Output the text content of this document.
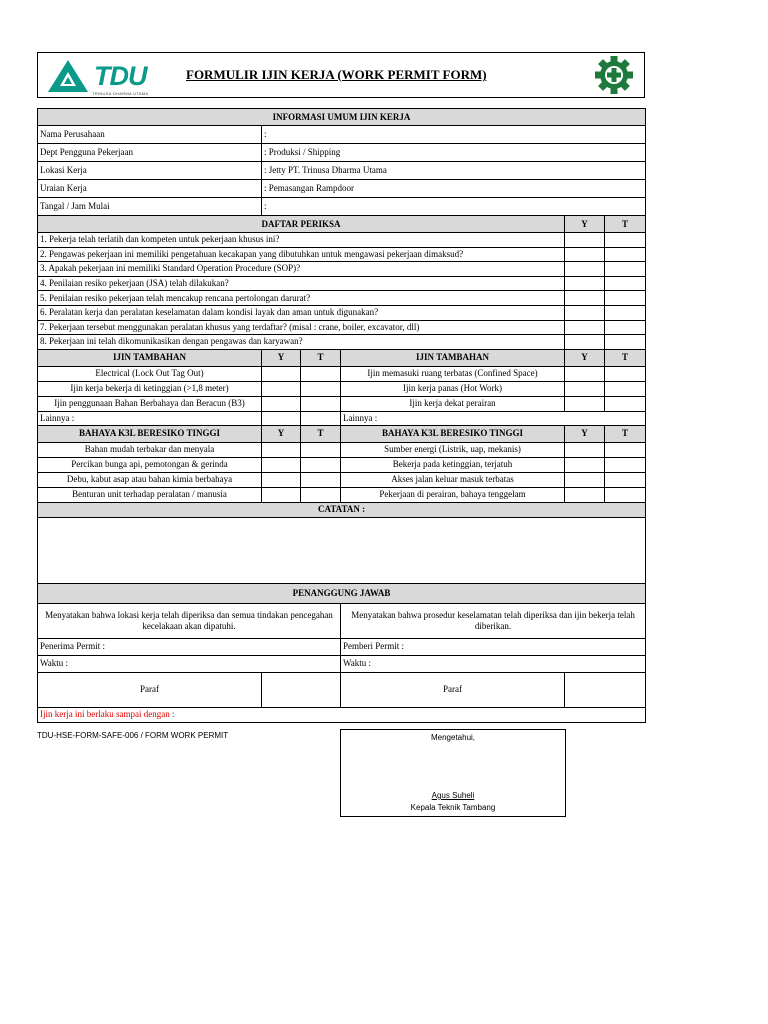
TDU
TRINUSA DHARMA UTAMA
FORMULIR IJIN KERJA (WORK PERMIT FORM)
INFORMASI UMUM IJIN KERJA					
Nama Perusahaan	:				
Dept Pengguna Pekerjaan	: Produksi / Shipping				
Lokasi Kerja	: Jetty PT. Trinusa Dharma Utama				
Uraian Kerja	: Pemasangan Rampdoor				
Tangal / Jam Mulai	:				
DAFTAR PERIKSA				Y	T
1. Pekerja telah terlatih dan kompeten untuk pekerjaan khusus ini?					
2. Pengawas pekerjaan ini memiliki pengetahuan kecakapan yang dibutuhkan untuk mengawasi pekerjaan dimaksud?					
3. Apakah pekerjaan ini memiliki Standard Operation Procedure (SOP)?					
4. Penilaian resiko pekerjaan (JSA) telah dilakukan?					
5. Penilaian resiko pekerjaan telah mencakup rencana pertolongan darurat?					
6. Peralatan kerja dan peralatan keselamatan dalam kondisi layak dan aman untuk digunakan?					
7. Pekerjaan tersebut menggunakan peralatan khusus yang terdaftar? (misal : crane, boiler, excavator, dll)					
8. Pekerjaan ini telah dikomunikasikan dengan pengawas dan karyawan?					
IJIN TAMBAHAN	Y	T	IJIN TAMBAHAN	Y	T
Electrical (Lock Out Tag Out)			Ijin memasuki ruang terbatas (Confined Space)		
Ijin kerja bekerja di ketinggian (>1,8 meter)			Ijin kerja panas (Hot Work)		
Ijin penggunaan Bahan Berbahaya dan Beracun (B3)			Ijin kerja dekat perairan		
Lainnya :			Lainnya :		
BAHAYA K3L BERESIKO TINGGI	Y	T	BAHAYA K3L BERESIKO TINGGI	Y	T
Bahan mudah terbakar dan menyala			Sumber energi (Listrik, uap, mekanis)		
Percikan bunga api, pemotongan & gerinda			Bekerja pada ketinggian, terjatuh		
Debu, kabut asap atau bahan kimia berbahaya			Akses jalan keluar masuk terbatas		
Benturan unit terhadap peralatan / manusia			Pekerjaan di perairan, bahaya tenggelam		
CATATAN :					

PENANGGUNG JAWAB					
Menyatakan bahwa lokasi kerja telah diperiksa dan semua tindakan pencegahan kecelakaan akan dipatuhi.			Menyatakan bahwa prosedur keselamatan telah diperiksa dan ijin bekerja telah diberikan.		
Penerima Permit :			Pemberi Permit :		
Waktu :			Waktu :		
Paraf			Paraf		
Ijin kerja ini berlaku sampai dengan :					
TDU-HSE-FORM-SAFE-006 / FORM WORK PERMIT	Mengetahui,
Agus Suheli
Kepala Teknik Tambang
